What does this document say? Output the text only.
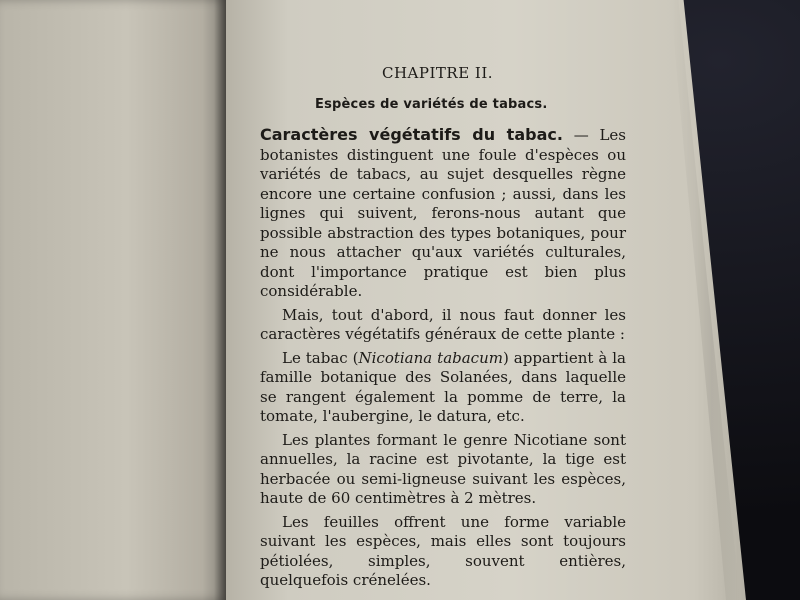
CHAPITRE II.
Espèces de variétés de tabacs.

Caractères végétatifs du tabac. — Les botanistes distinguent une foule d'espèces ou variétés de tabacs, au sujet desquelles règne encore une certaine confusion ; aussi, dans les lignes qui suivent, ferons-nous autant que possible abstraction des types botaniques, pour ne nous attacher qu'aux variétés culturales, dont l'importance pratique est bien plus considérable.

Mais, tout d'abord, il nous faut donner les caractères végétatifs généraux de cette plante :

Le tabac (Nicotiana tabacum) appartient à la famille botanique des Solanées, dans laquelle se rangent également la pomme de terre, la tomate, l'aubergine, le datura, etc.

Les plantes formant le genre Nicotiane sont annuelles, la racine est pivotante, la tige est herbacée ou semi-ligneuse suivant les espèces, haute de 60 centimètres à 2 mètres.

Les feuilles offrent une forme variable suivant les espèces, mais elles sont toujours pétiolées, simples, souvent entières, quelquefois crénelées.
